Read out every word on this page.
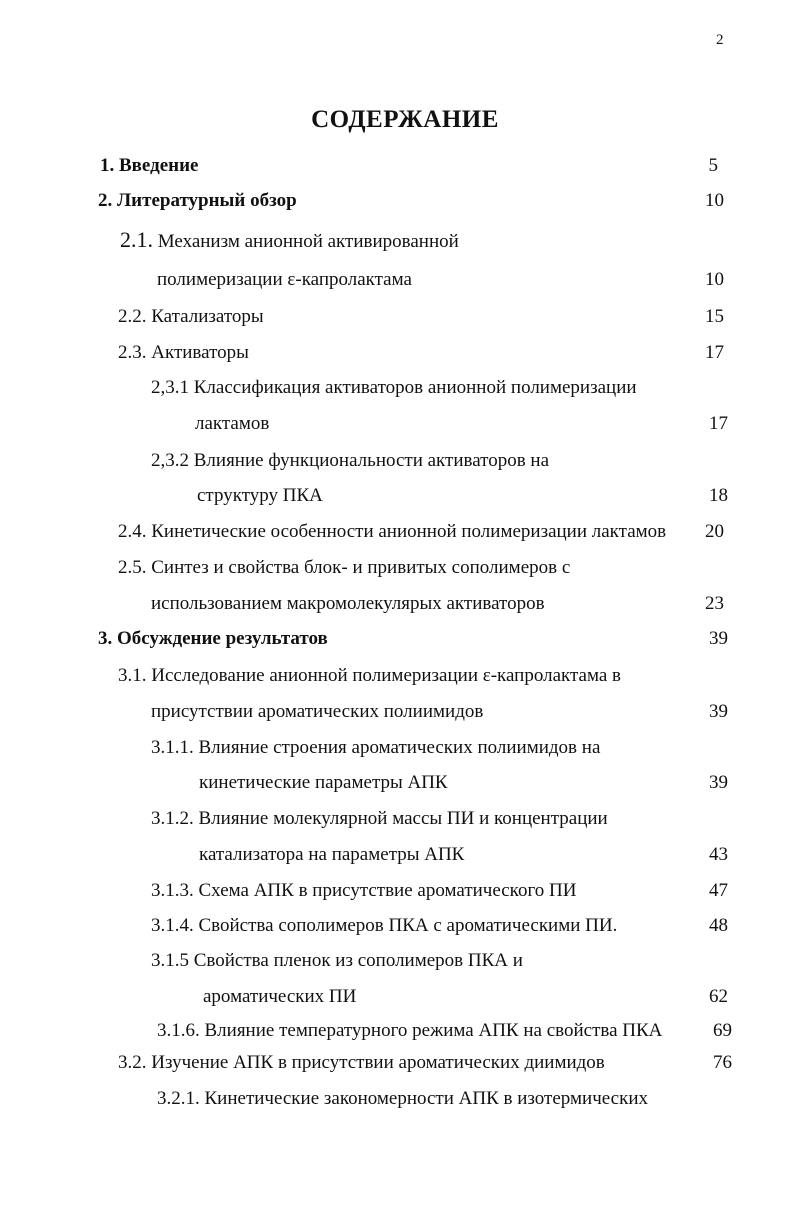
2
СОДЕРЖАНИЕ
1. Введение	5
2. Литературный обзор	10
2.1. Механизм анионной активированной
полимеризации ε-капролактама	10
2.2. Катализаторы	15
2.3. Активаторы	17
2,3.1 Классификация активаторов анионной полимеризации
лактамов	17
2,3.2 Влияние функциональности активаторов на
структуру ПКА	18
2.4. Кинетические особенности анионной полимеризации лактамов	20
2.5. Синтез и свойства блок- и привитых сополимеров с
использованием макромолекулярых активаторов	23
3. Обсуждение результатов	39
3.1. Исследование анионной полимеризации ε-капролактама в
присутствии ароматических полиимидов	39
3.1.1. Влияние строения ароматических полиимидов на
кинетические параметры АПК	39
3.1.2. Влияние молекулярной массы ПИ и концентрации
катализатора на параметры АПК	43
3.1.3. Схема АПК в присутствие ароматического ПИ	47
3.1.4. Свойства сополимеров ПКА с ароматическими ПИ.	48
3.1.5 Свойства пленок из сополимеров ПКА и
ароматических ПИ	62
3.1.6. Влияние температурного режима АПК на свойства ПКА	69
3.2. Изучение АПК в присутствии ароматических диимидов	76
3.2.1. Кинетические закономерности АПК в изотермических
